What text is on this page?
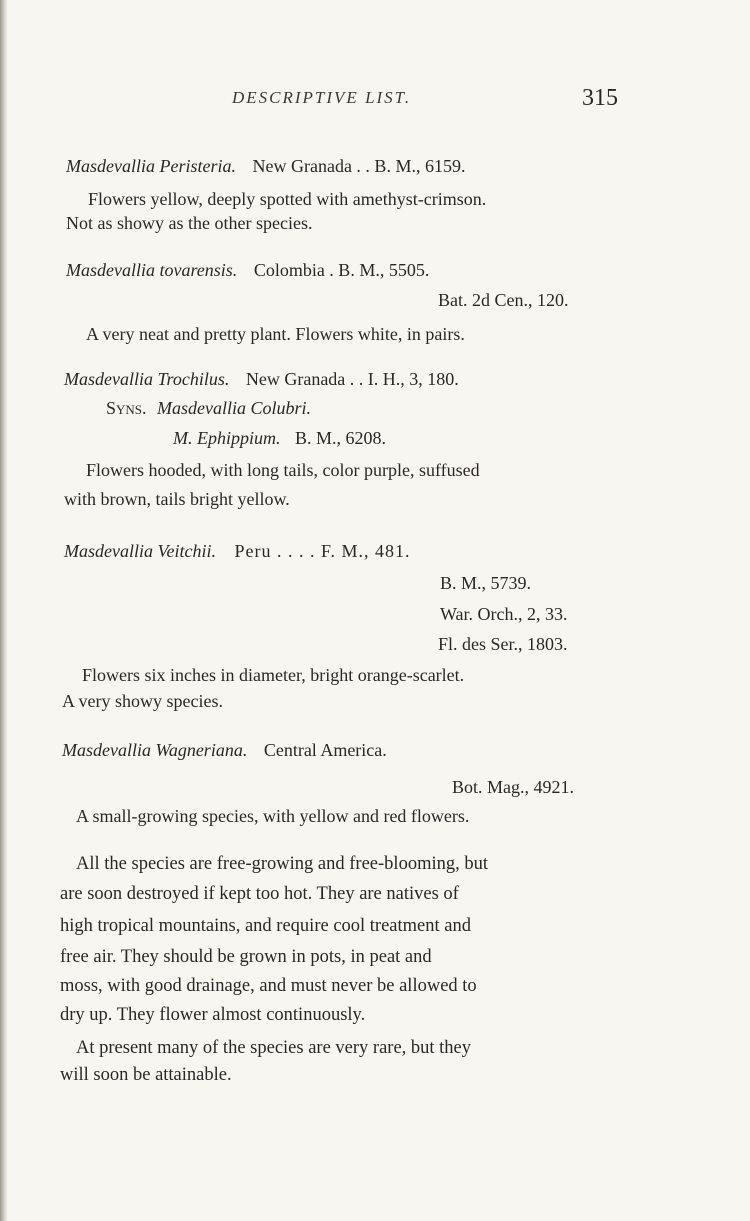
DESCRIPTIVE LIST.	315
Masdevallia Peristeria. New Granada . . B. M., 6159.
Flowers yellow, deeply spotted with amethyst-crimson.
Not as showy as the other species.
Masdevallia tovarensis. Colombia . B. M., 5505.
Bat. 2d Cen., 120.
A very neat and pretty plant. Flowers white, in pairs.
Masdevallia Trochilus. New Granada . . I. H., 3, 180.
Syns. Masdevallia Colubri.
M. Ephippium. B. M., 6208.
Flowers hooded, with long tails, color purple, suffused
with brown, tails bright yellow.
Masdevallia Veitchii. Peru . . . . F. M., 481.
B. M., 5739.
War. Orch., 2, 33.
Fl. des Ser., 1803.
Flowers six inches in diameter, bright orange-scarlet.
A very showy species.
Masdevallia Wagneriana. Central America.
Bot. Mag., 4921.
A small-growing species, with yellow and red flowers.
All the species are free-growing and free-blooming, but
are soon destroyed if kept too hot. They are natives of
high tropical mountains, and require cool treatment and
free air. They should be grown in pots, in peat and
moss, with good drainage, and must never be allowed to
dry up. They flower almost continuously.
At present many of the species are very rare, but they
will soon be attainable.
